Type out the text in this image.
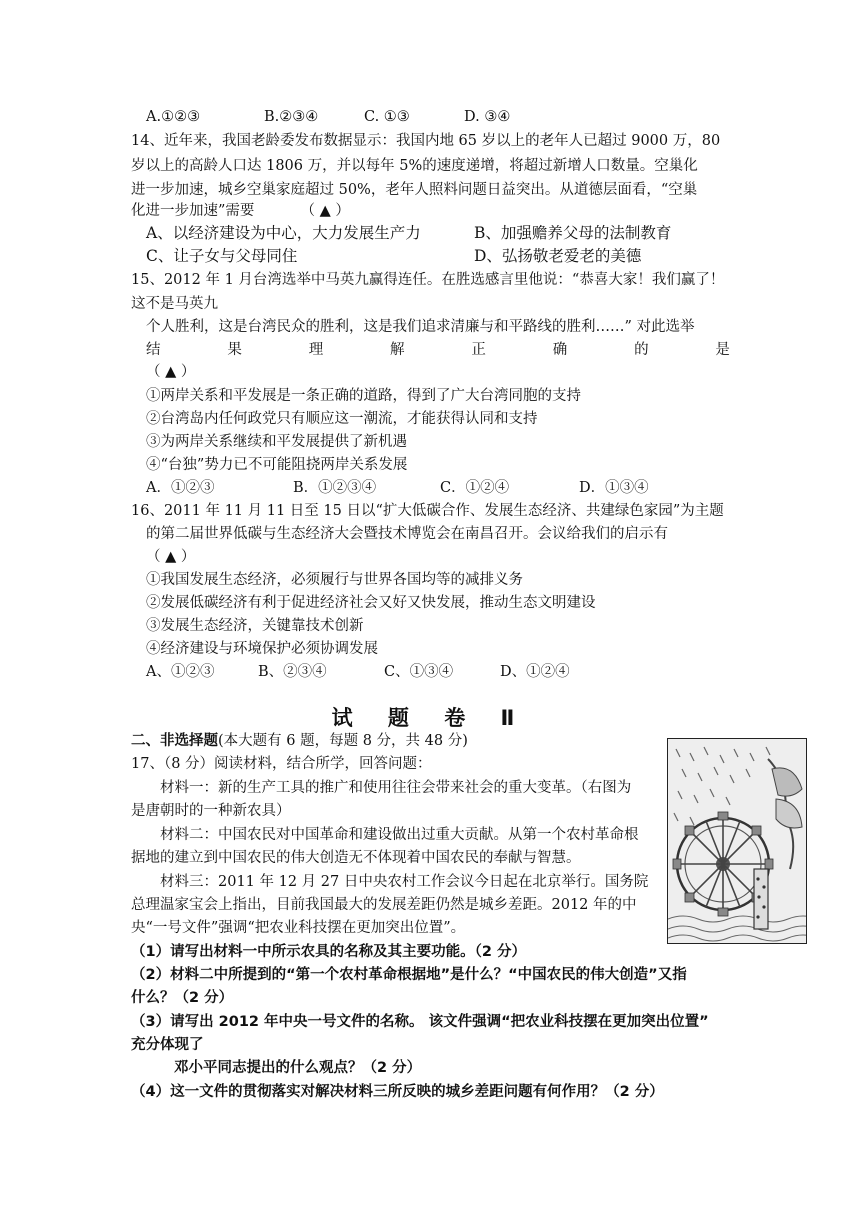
A.①②③	B.②③④	C. ①③	D. ③④
14、近年来，我国老龄委发布数据显示：我国内地 65 岁以上的老年人已超过 9000 万，80
岁以上的高龄人口达 1806 万，并以每年 5%的速度递增，将超过新增人口数量。空巢化
进一步加速，城乡空巢家庭超过 50%，老年人照料问题日益突出。从道德层面看，“空巢
化进一步加速”需要          （ ▲ ）
A、以经济建设为中心，大力发展生产力	B、加强赡养父母的法制教育
C、让子女与父母同住	D、弘扬敬老爱老的美德
15、2012 年 1 月台湾选举中马英九赢得连任。在胜选感言里他说：“恭喜大家！我们赢了！
这不是马英九
个人胜利，这是台湾民众的胜利，这是我们追求清廉与和平路线的胜利……” 对此选举
结	果	理	解	正	确	的	是
（ ▲ ）
①两岸关系和平发展是一条正确的道路，得到了广大台湾同胞的支持
②台湾岛内任何政党只有顺应这一潮流，才能获得认同和支持
③为两岸关系继续和平发展提供了新机遇
④“台独”势力已不可能阻挠两岸关系发展
A．①②③	B．①②③④	C．①②④	D．①③④
16、2011 年 11 月 11 日至 15 日以“扩大低碳合作、发展生态经济、共建绿色家园”为主题
的第二届世界低碳与生态经济大会暨技术博览会在南昌召开。会议给我们的启示有
（ ▲ ）
①我国发展生态经济，必须履行与世界各国均等的减排义务
②发展低碳经济有利于促进经济社会又好又快发展，推动生态文明建设
③发展生态经济，关键靠技术创新
④经济建设与环境保护必须协调发展
A、①②③	B、②③④	C、①③④	D、①②④
试 题 卷 Ⅱ
二、非选择题(本大题有 6 题，每题 8 分，共 48 分)
17、（8 分）阅读材料，结合所学，回答问题：
材料一：新的生产工具的推广和使用往往会带来社会的重大变革。（右图为
是唐朝时的一种新农具）
材料二：中国农民对中国革命和建设做出过重大贡献。从第一个农村革命根
据地的建立到中国农民的伟大创造无不体现着中国农民的奉献与智慧。
材料三：2011 年 12 月 27 日中央农村工作会议今日起在北京举行。国务院
总理温家宝会上指出，目前我国最大的发展差距仍然是城乡差距。2012 年的中
央“一号文件”强调“把农业科技摆在更加突出位置”。
（1）请写出材料一中所示农具的名称及其主要功能。（2 分）
（2）材料二中所提到的“第一个农村革命根据地”是什么？“中国农民的伟大创造”又指
什么？（2 分）
（3）请写出 2012 年中央一号文件的名称。 该文件强调“把农业科技摆在更加突出位置”
充分体现了
邓小平同志提出的什么观点？（2 分）
（4）这一文件的贯彻落实对解决材料三所反映的城乡差距问题有何作用？（2 分）
